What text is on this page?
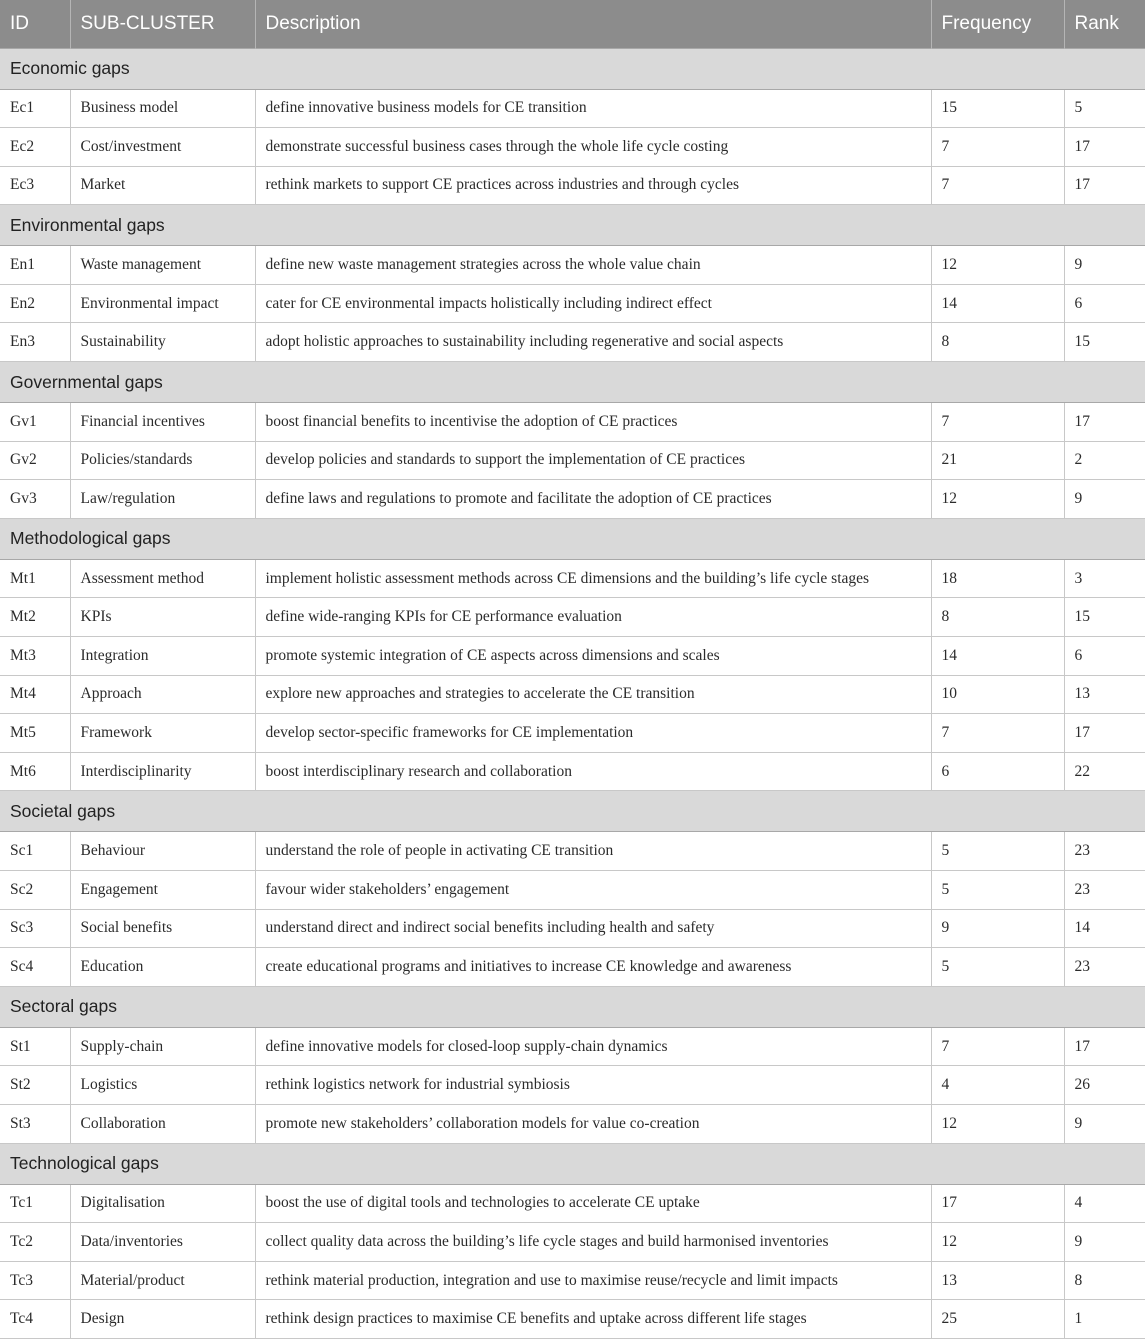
ID	SUB-CLUSTER	Description	Frequency	Rank
Economic gaps				
Ec1	Business model	define innovative business models for CE transition	15	5
Ec2	Cost/investment	demonstrate successful business cases through the whole life cycle costing	7	17
Ec3	Market	rethink markets to support CE practices across industries and through cycles	7	17
Environmental gaps				
En1	Waste management	define new waste management strategies across the whole value chain	12	9
En2	Environmental impact	cater for CE environmental impacts holistically including indirect effect	14	6
En3	Sustainability	adopt holistic approaches to sustainability including regenerative and social aspects	8	15
Governmental gaps				
Gv1	Financial incentives	boost financial benefits to incentivise the adoption of CE practices	7	17
Gv2	Policies/standards	develop policies and standards to support the implementation of CE practices	21	2
Gv3	Law/regulation	define laws and regulations to promote and facilitate the adoption of CE practices	12	9
Methodological gaps				
Mt1	Assessment method	implement holistic assessment methods across CE dimensions and the building’s life cycle stages	18	3
Mt2	KPIs	define wide-ranging KPIs for CE performance evaluation	8	15
Mt3	Integration	promote systemic integration of CE aspects across dimensions and scales	14	6
Mt4	Approach	explore new approaches and strategies to accelerate the CE transition	10	13
Mt5	Framework	develop sector-specific frameworks for CE implementation	7	17
Mt6	Interdisciplinarity	boost interdisciplinary research and collaboration	6	22
Societal gaps				
Sc1	Behaviour	understand the role of people in activating CE transition	5	23
Sc2	Engagement	favour wider stakeholders’ engagement	5	23
Sc3	Social benefits	understand direct and indirect social benefits including health and safety	9	14
Sc4	Education	create educational programs and initiatives to increase CE knowledge and awareness	5	23
Sectoral gaps				
St1	Supply-chain	define innovative models for closed-loop supply-chain dynamics	7	17
St2	Logistics	rethink logistics network for industrial symbiosis	4	26
St3	Collaboration	promote new stakeholders’ collaboration models for value co-creation	12	9
Technological gaps				
Tc1	Digitalisation	boost the use of digital tools and technologies to accelerate CE uptake	17	4
Tc2	Data/inventories	collect quality data across the building’s life cycle stages and build harmonised inventories	12	9
Tc3	Material/product	rethink material production, integration and use to maximise reuse/recycle and limit impacts	13	8
Tc4	Design	rethink design practices to maximise CE benefits and uptake across different life stages	25	1
